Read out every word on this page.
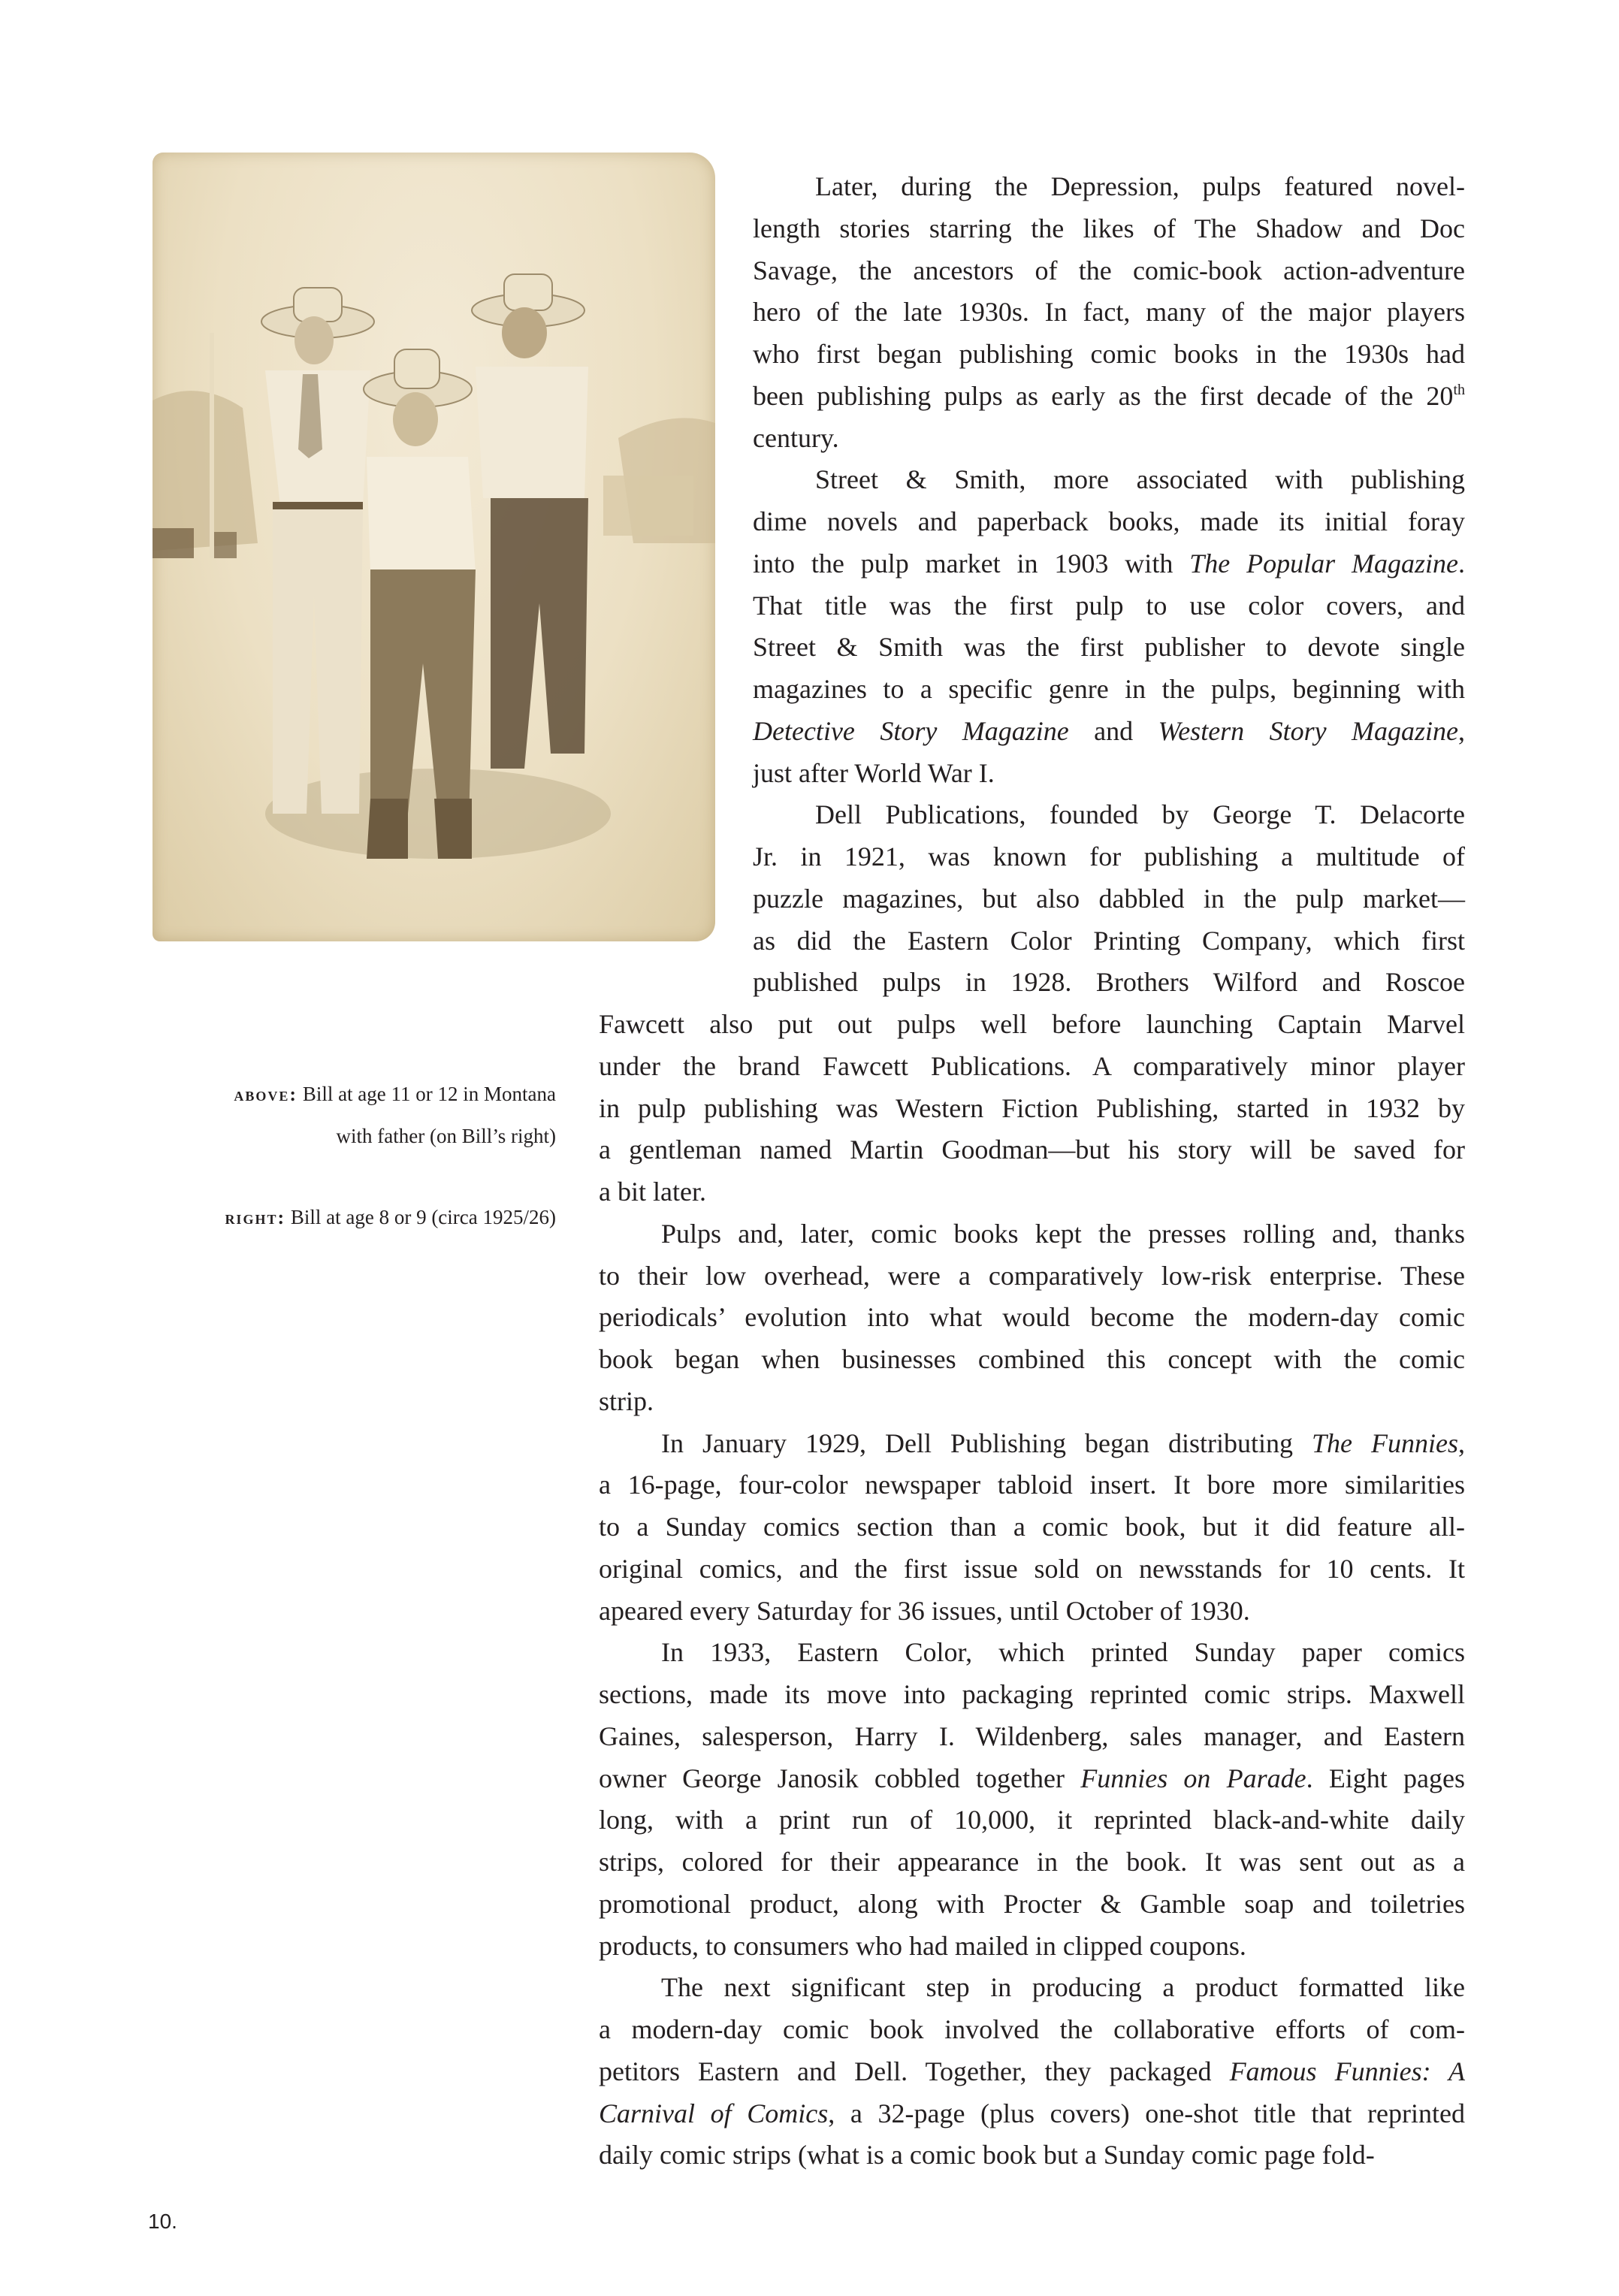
above: Bill at age 11 or 12 in Montana
with father (on Bill’s right)
right: Bill at age 8 or 9 (circa 1925/26)
Later, during the Depression, pulps featured novel-
length stories starring the likes of The Shadow and Doc
Savage, the ancestors of the comic-book action-adventure
hero of the late 1930s. In fact, many of the major players
who first began publishing comic books in the 1930s had
been publishing pulps as early as the first decade of the 20th
century.
Street & Smith, more associated with publishing
dime novels and paperback books, made its initial foray
into the pulp market in 1903 with The Popular Magazine.
That title was the first pulp to use color covers, and
Street & Smith was the first publisher to devote single
magazines to a specific genre in the pulps, beginning with
Detective Story Magazine and Western Story Magazine,
just after World War I.
Dell Publications, founded by George T. Delacorte
Jr. in 1921, was known for publishing a multitude of
puzzle magazines, but also dabbled in the pulp market—
as did the Eastern Color Printing Company, which first
published pulps in 1928. Brothers Wilford and Roscoe
Fawcett also put out pulps well before launching Captain Marvel
under the brand Fawcett Publications. A comparatively minor player
in pulp publishing was Western Fiction Publishing, started in 1932 by
a gentleman named Martin Goodman—but his story will be saved for
a bit later.
Pulps and, later, comic books kept the presses rolling and, thanks
to their low overhead, were a comparatively low-risk enterprise. These
periodicals’ evolution into what would become the modern-day comic
book began when businesses combined this concept with the comic
strip.
In January 1929, Dell Publishing began distributing The Funnies,
a 16-page, four-color newspaper tabloid insert. It bore more similarities
to a Sunday comics section than a comic book, but it did feature all-
original comics, and the first issue sold on newsstands for 10 cents. It
apeared every Saturday for 36 issues, until October of 1930.
In 1933, Eastern Color, which printed Sunday paper comics
sections, made its move into packaging reprinted comic strips. Maxwell
Gaines, salesperson, Harry I. Wildenberg, sales manager, and Eastern
owner George Janosik cobbled together Funnies on Parade. Eight pages
long, with a print run of 10,000, it reprinted black-and-white daily
strips, colored for their appearance in the book. It was sent out as a
promotional product, along with Procter & Gamble soap and toiletries
products, to consumers who had mailed in clipped coupons.
The next significant step in producing a product formatted like
a modern-day comic book involved the collaborative efforts of com-
petitors Eastern and Dell. Together, they packaged Famous Funnies: A
Carnival of Comics, a 32-page (plus covers) one-shot title that reprinted
daily comic strips (what is a comic book but a Sunday comic page fold-
10.
